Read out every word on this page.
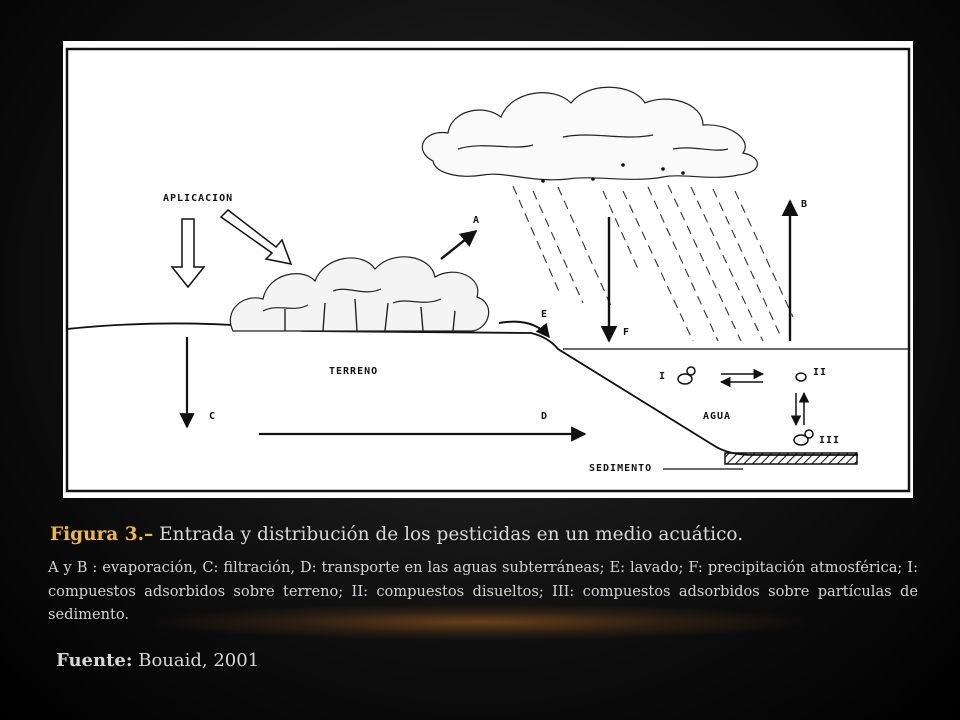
APLICACION
A
B
F
E
C	D
TERRENO
AGUA
SEDIMENTO
I	II
III
Figura 3.– Entrada y distribución de los pesticidas en un medio acuático.
A y B : evaporación, C: filtración, D: transporte en las aguas subterráneas; E: lavado; F: precipitación atmosférica; I: compuestos adsorbidos sobre terreno; II: compuestos disueltos; III: compuestos adsorbidos sobre partículas de sedimento.
Fuente: Bouaid, 2001
